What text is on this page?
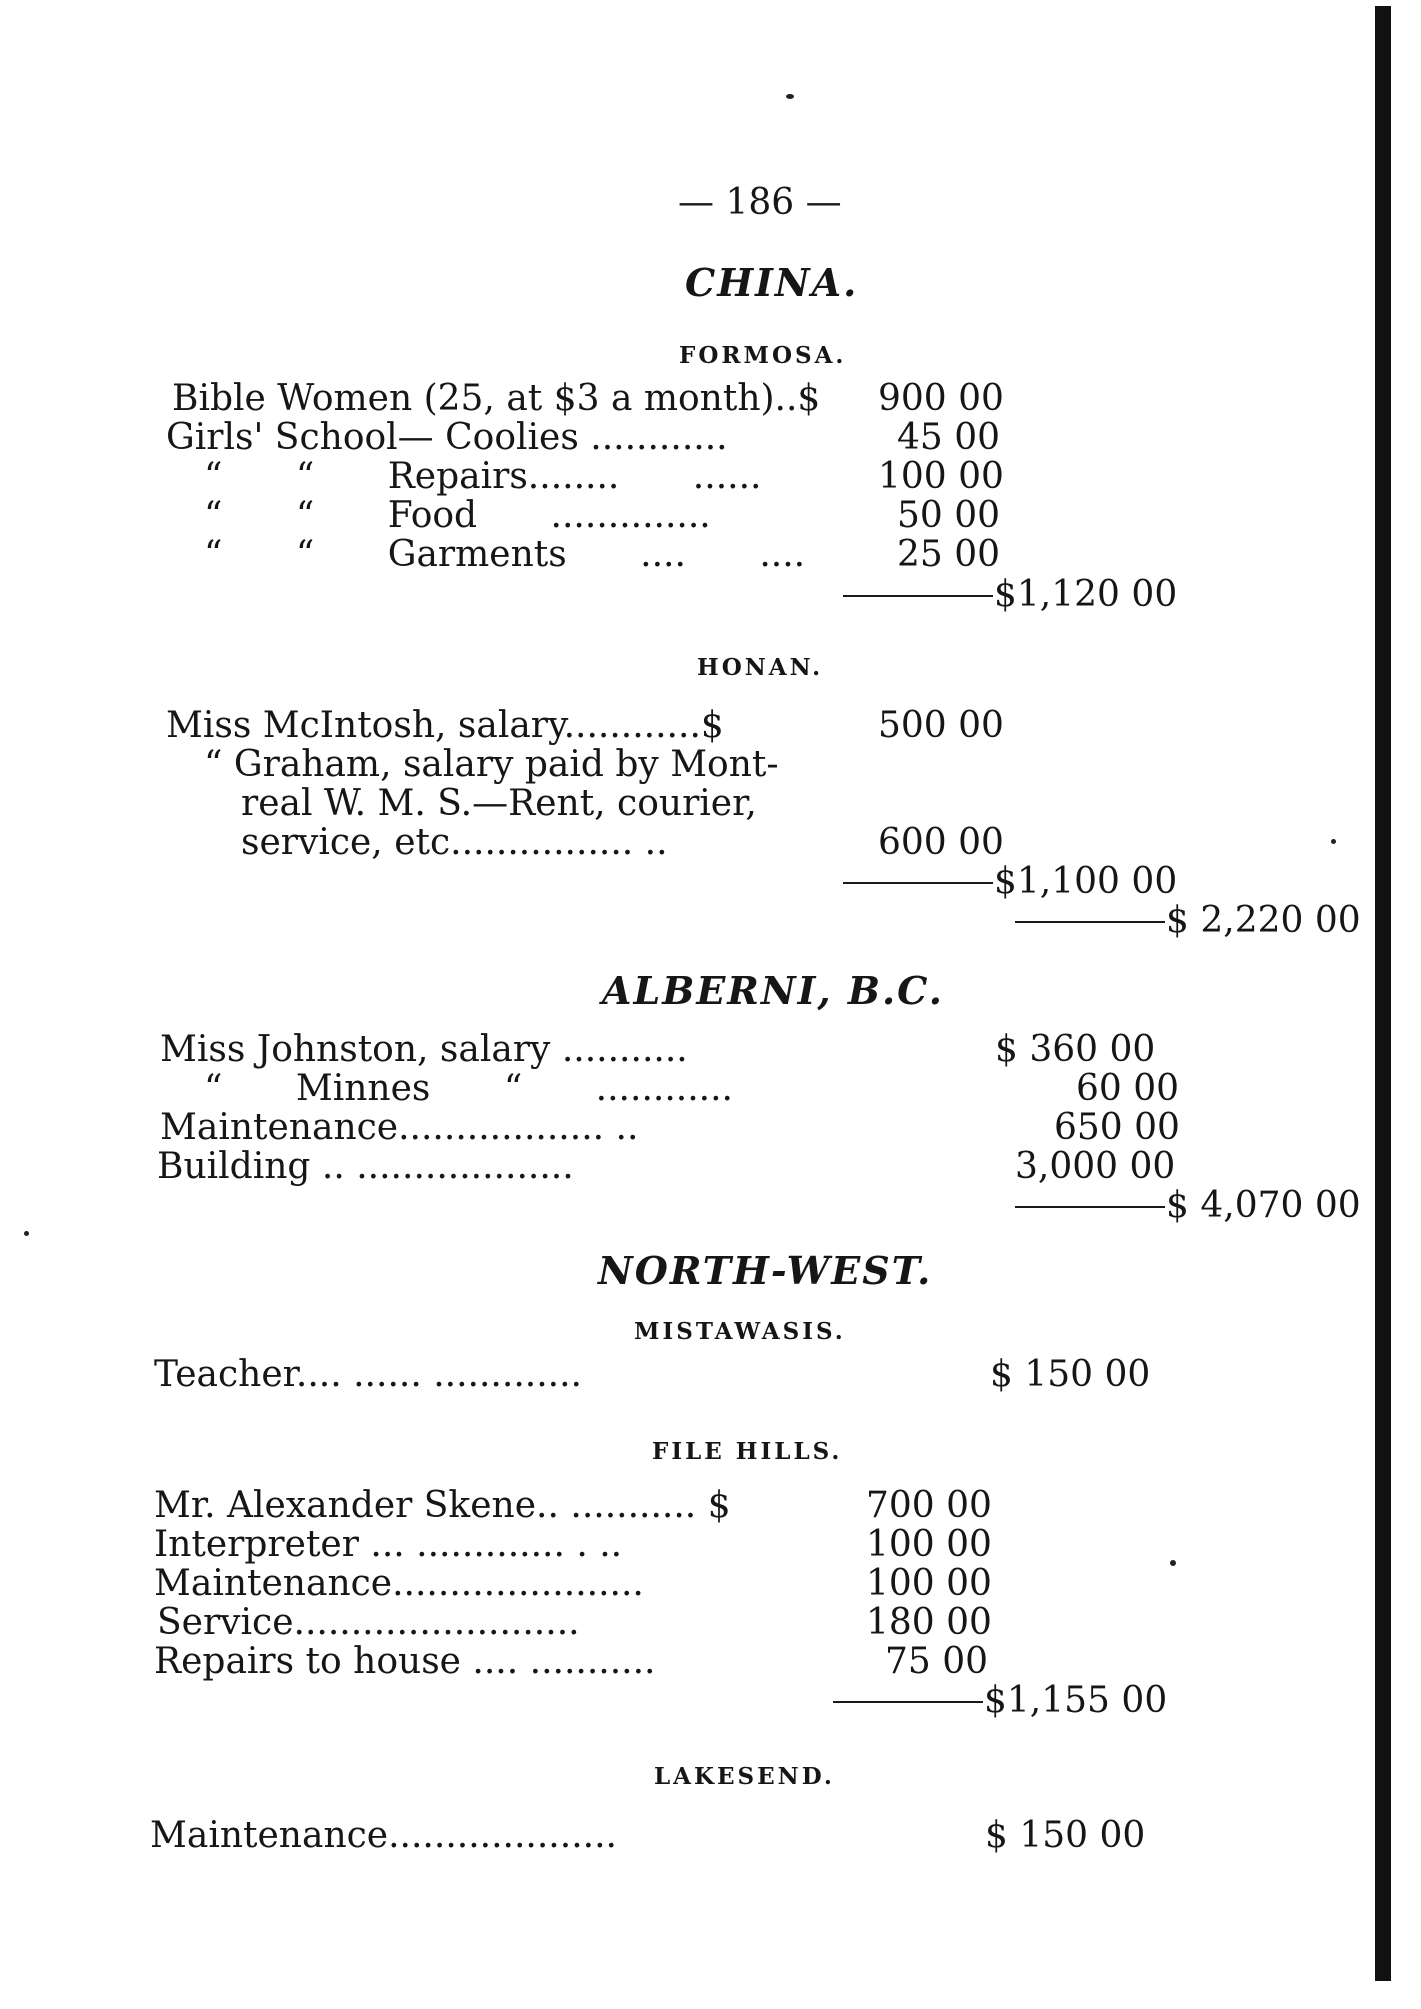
— 186 —
CHINA.
FORMOSA.
Bible Women (25, at $3 a month)..$ 900 00
Girls' School— Coolies ............	45 00
“ “ Repairs........ ......	100 00
“ “ Food ..............	50 00
“ “ Garments .... ....	25 00
$1,120 00
HONAN.
Miss McIntosh, salary............$	500 00
“ Graham, salary paid by Mont-
real W. M. S.—Rent, courier,
service, etc................ ..	600 00
$1,100 00
$ 2,220 00
ALBERNI, B.C.
Miss Johnston, salary ...........	$ 360 00
“ Minnes “ ............	60 00
Maintenance.................. ..	650 00
Building .. ...................	3,000 00
$ 4,070 00
NORTH-WEST.
MISTAWASIS.
Teacher.... ...... .............	$ 150 00
FILE HILLS.
Mr. Alexander Skene.. ........... $	700 00
Interpreter ... ............. . ..	100 00
Maintenance......................	100 00
Service.........................	180 00
Repairs to house .... ...........	75 00
$1,155 00
LAKESEND.
Maintenance....................	$ 150 00
